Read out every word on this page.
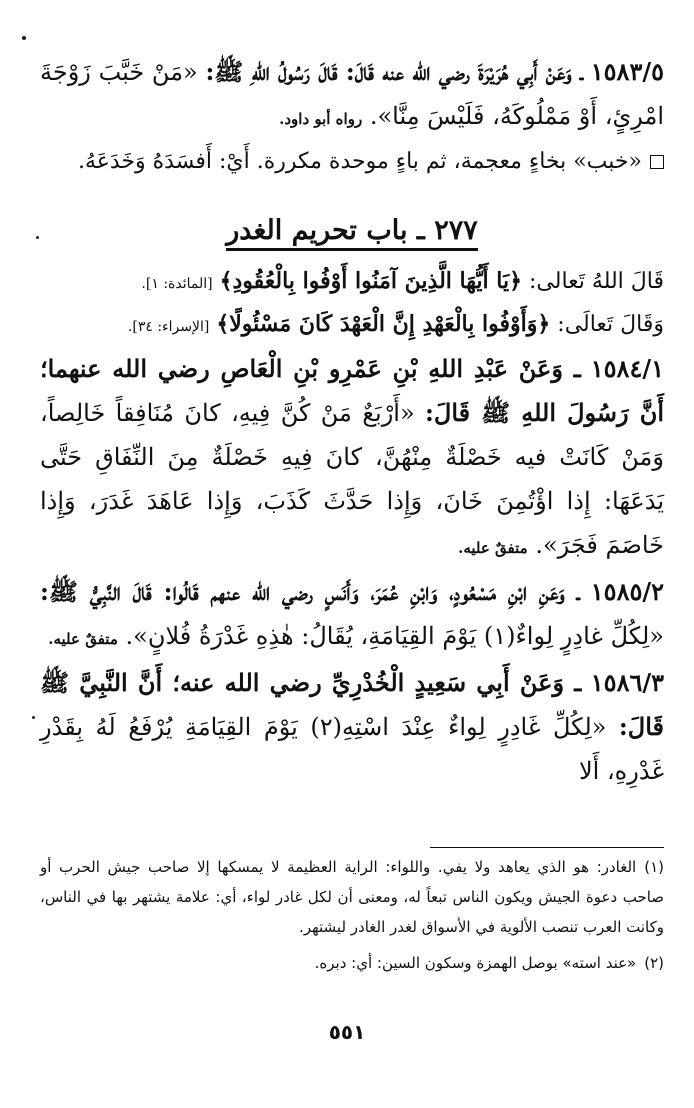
١٥٨٣/٥ ـ وَعَنْ أَبِي هُرَيْرَةَ رضي الله عنه قَالَ: قَالَ رَسُولُ اللهِ ﷺ: «مَنْ خَبَّبَ زَوْجَةَ امْرِئٍ، أَوْ مَمْلُوكَهُ، فَلَيْسَ مِنَّا». رواه أبو داود.

«خبب» بخاءٍ معجمة، ثم باءٍ موحدة مكررة. أَيْ: أَفسَدَهُ وَخَدَعَهُ.

٢٧٧ ـ باب تحريم الغدر

قَالَ اللهُ تَعالى: ﴿يَا أَيُّهَا الَّذِينَ آمَنُوا أَوْفُوا بِالْعُقُودِ﴾ [المائدة: ١].

وَقَالَ تَعالَى: ﴿وَأَوْفُوا بِالْعَهْدِ إِنَّ الْعَهْدَ كَانَ مَسْئُولًا﴾ [الإسراء: ٣٤].

١٥٨٤/١ ـ وَعَنْ عَبْدِ اللهِ بْنِ عَمْرِو بْنِ الْعَاصِ رضي الله عنهما؛ أَنَّ رَسُولَ اللهِ ﷺ قَالَ: «أَرْبَعٌ مَنْ كُنَّ فِيهِ، كانَ مُنَافِقاً خَالِصاً، وَمَنْ كَانَتْ فيه خَصْلَةٌ مِنْهُنَّ، كانَ فِيهِ خَصْلَةٌ مِنَ النِّفَاقِ حَتَّى يَدَعَهَا: إِذا اؤْتُمِنَ خَانَ، وَإِذا حَدَّثَ كَذَبَ، وَإِذا عَاهَدَ غَدَرَ، وَإِذا خَاصَمَ فَجَرَ». متفقٌ عليه.

١٥٨٥/٢ ـ وَعَنِ ابْنِ مَسْعُودٍ، وَابْنِ عُمَرَ، وَأَنَسٍ رضي الله عنهم قَالُوا: قَالَ النَّبِيُّ ﷺ: «لِكُلِّ غادِرٍ لِواءٌ(١) يَوْمَ القِيَامَةِ، يُقَالُ: هٰذِهِ غَدْرَةُ فُلانٍ». متفقٌ عليه.

١٥٨٦/٣ ـ وَعَنْ أَبِي سَعِيدٍ الْخُدْرِيِّ رضي الله عنه؛ أَنَّ النَّبِيَّ ﷺ قَالَ: «لِكُلِّ غَادِرٍ لِواءٌ عِنْدَ اسْتِهِ(٢) يَوْمَ القِيَامَةِ يُرْفَعُ لَهُ بِقَدْرِ غَدْرِهِ، أَلا

(١)الغادر: هو الذي يعاهد ولا يفي. واللواء: الراية العظيمة لا يمسكها إلا صاحب جيش الحرب أو صاحب دعوة الجيش ويكون الناس تبعاً له، ومعنى أن لكل غادر لواء، أي: علامة يشتهر بها في الناس، وكانت العرب تنصب الألوية في الأسواق لغدر الغادر ليشتهر.

(٢)«عند استه» بوصل الهمزة وسكون السين: أي: دبره.

٥٥١
